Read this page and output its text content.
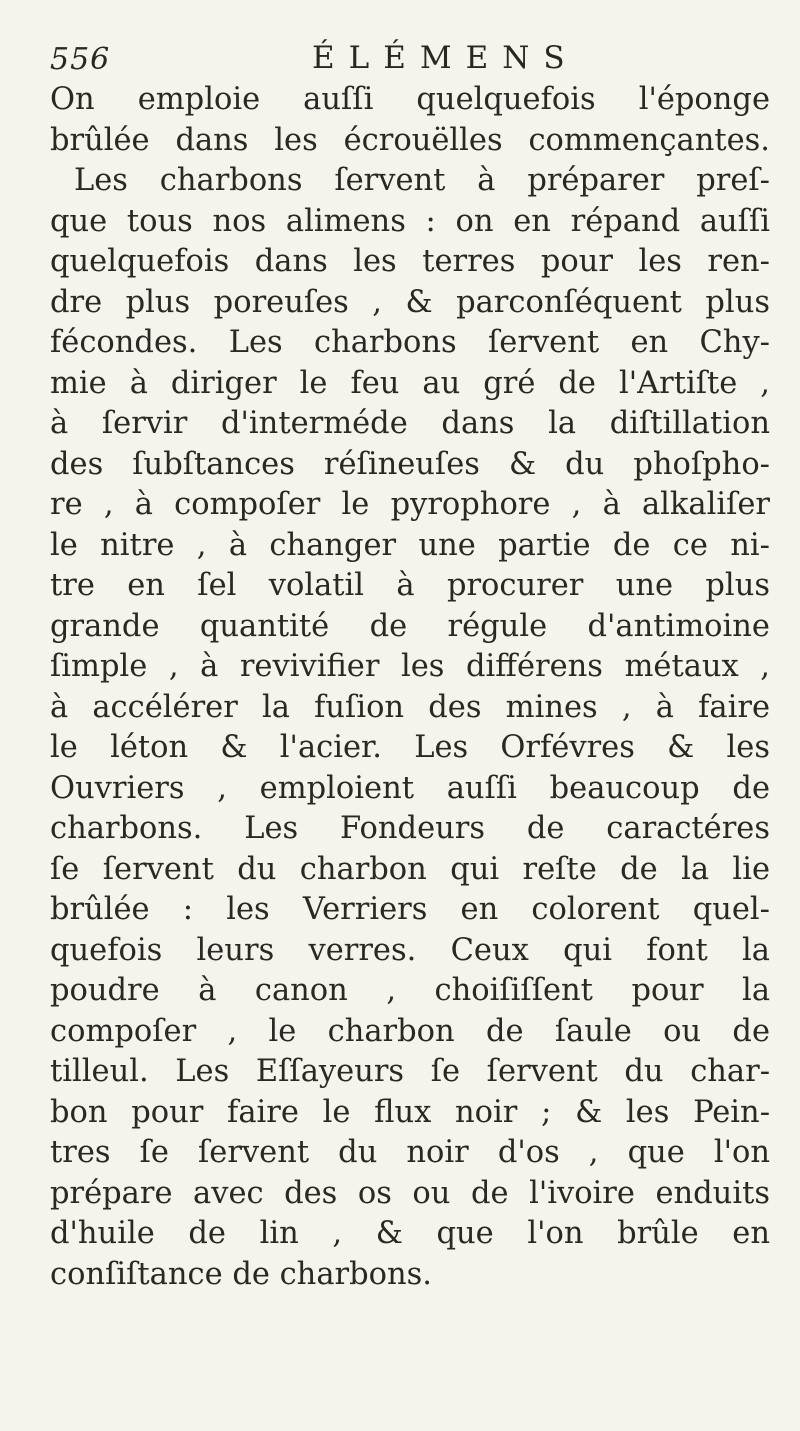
556	ÉLÉMENS
On emploie auſſi quelquefois l'éponge
brûlée dans les écrouëlles commençantes.
Les charbons ſervent à préparer preſ-
que tous nos alimens : on en répand auſſi
quelquefois dans les terres pour les ren-
dre plus poreuſes , & parconſéquent plus
fécondes. Les charbons ſervent en Chy-
mie à diriger le feu au gré de l'Artiſte ,
à ſervir d'interméde dans la diſtillation
des ſubſtances réſineuſes & du phoſpho-
re , à compoſer le pyrophore , à alkaliſer
le nitre , à changer une partie de ce ni-
tre en ſel volatil à procurer une plus
grande quantité de régule d'antimoine
ſimple , à revivifier les différens métaux ,
à accélérer la fuſion des mines , à faire
le léton & l'acier. Les Orfévres & les
Ouvriers , emploient auſſi beaucoup de
charbons. Les Fondeurs de caractéres
ſe ſervent du charbon qui reſte de la lie
brûlée : les Verriers en colorent quel-
quefois leurs verres. Ceux qui font la
poudre à canon , choiſiſſent pour la
compoſer , le charbon de ſaule ou de
tilleul. Les Eſſayeurs ſe ſervent du char-
bon pour faire le flux noir ; & les Pein-
tres ſe ſervent du noir d'os , que l'on
prépare avec des os ou de l'ivoire enduits
d'huile de lin , & que l'on brûle en
conſiſtance de charbons.
